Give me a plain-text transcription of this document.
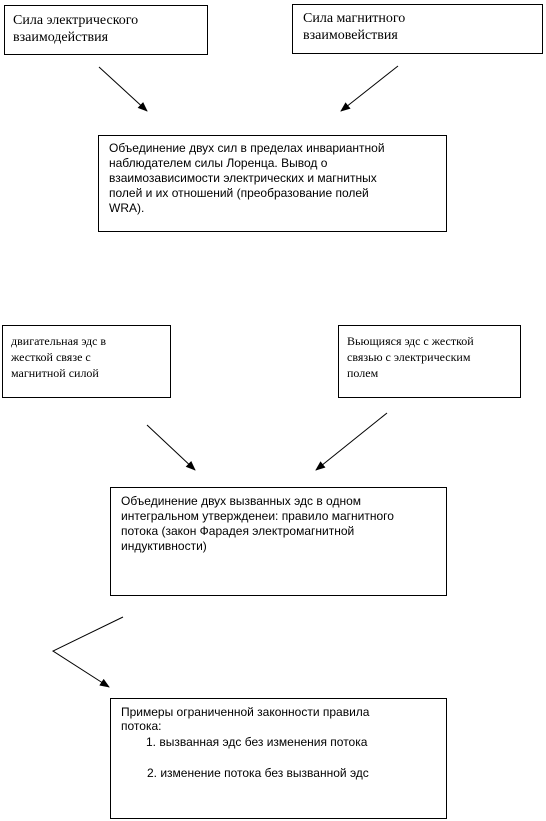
Сила электрического
взаимодействия
Сила магнитного
взаимовействия
Объединение двух сил в пределах инвариантной
наблюдателем силы Лоренца. Вывод о
взаимозависимости электрических и магнитных
полей и их отношений (преобразование полей
WRA).
двигательная эдс в
жесткой связе с
магнитной силой
Вьющияся эдс с жесткой
связью с электрическим
полем
Объединение двух вызванных эдс в одном
интегральном утвержденеи: правило магнитного
потока (закон Фарадея электромагнитной
индуктивности)
Примеры ограниченной законности правила
потока:
1. вызванная эдс без изменения потока
2. изменение потока без вызванной эдс
